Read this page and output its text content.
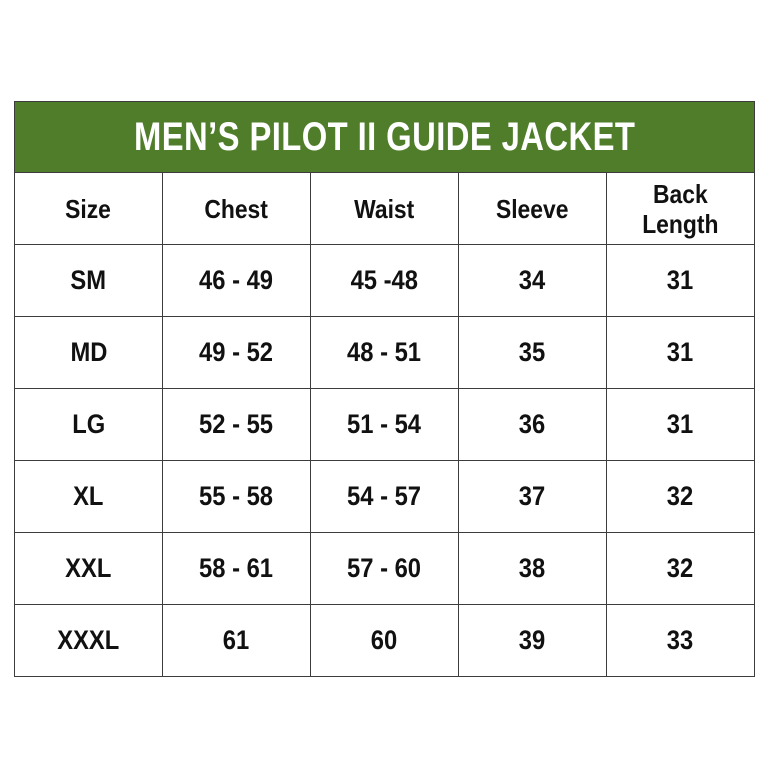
MEN’S PILOT II GUIDE JACKET				
Size	Chest	Waist	Sleeve	Back
Length
SM	46 - 49	45 -48	34	31
MD	49 - 52	48 - 51	35	31
LG	52 - 55	51 - 54	36	31
XL	55 - 58	54 - 57	37	32
XXL	58 - 61	57 - 60	38	32
XXXL	61	60	39	33
